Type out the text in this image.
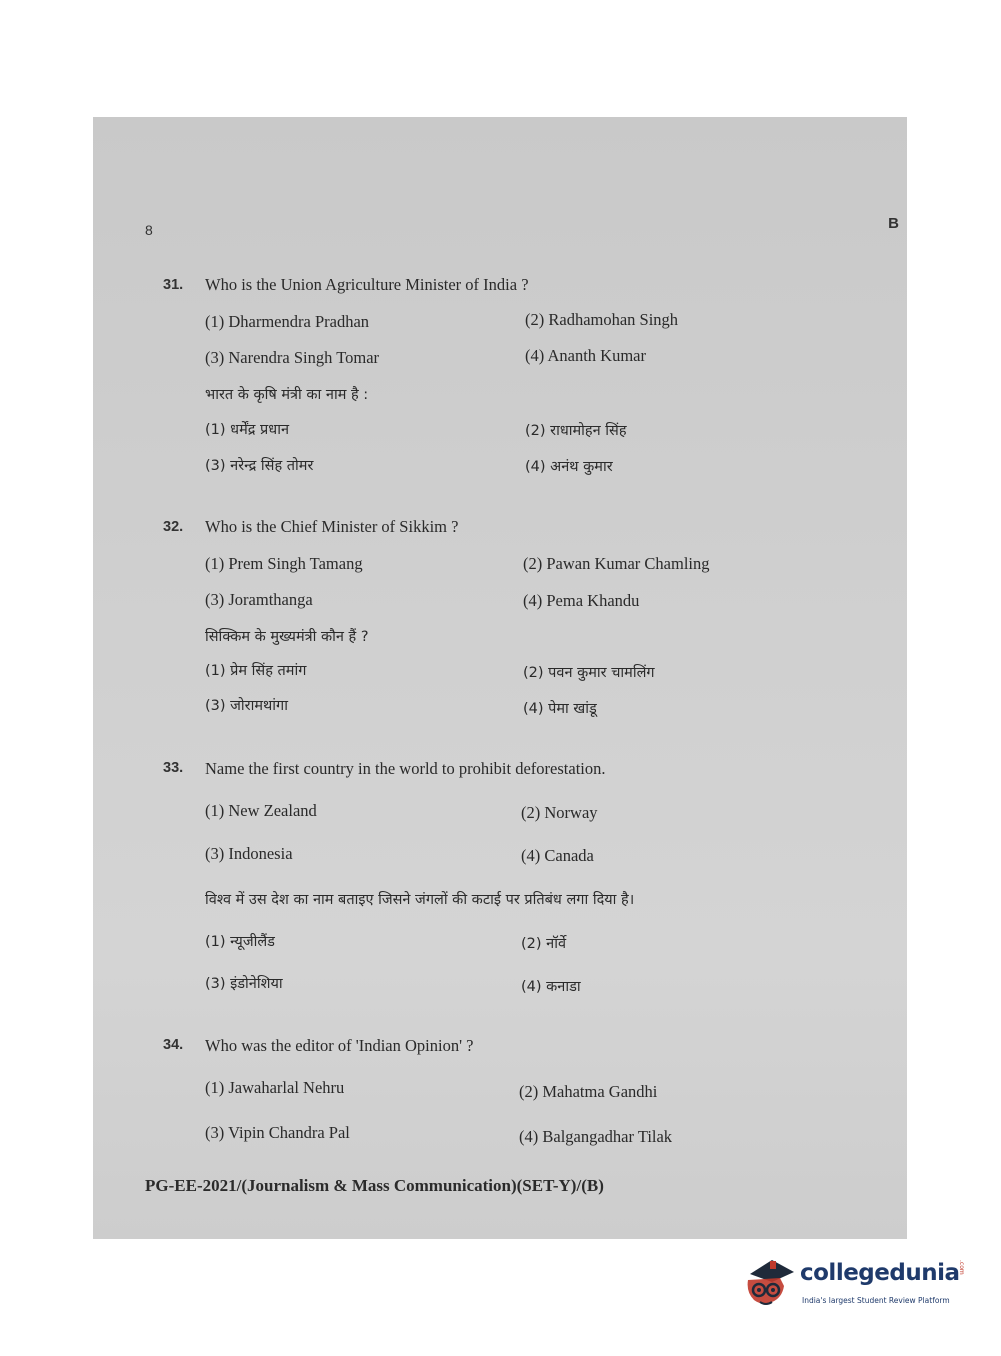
8	B
31. Who is the Union Agriculture Minister of India ?
(1) Dharmendra Pradhan	(2) Radhamohan Singh
(3) Narendra Singh Tomar	(4) Ananth Kumar
भारत के कृषि मंत्री का नाम है :
(1) धर्मेंद्र प्रधान	(2) राधामोहन सिंह
(3) नरेन्द्र सिंह तोमर	(4) अनंथ कुमार
32. Who is the Chief Minister of Sikkim ?
(1) Prem Singh Tamang	(2) Pawan Kumar Chamling
(3) Joramthanga	(4) Pema Khandu
सिक्किम के मुख्यमंत्री कौन हैं ?
(1) प्रेम सिंह तमांग	(2) पवन कुमार चामलिंग
(3) जोरामथांगा	(4) पेमा खांडू
33. Name the first country in the world to prohibit deforestation.
(1) New Zealand	(2) Norway
(3) Indonesia	(4) Canada
विश्व में उस देश का नाम बताइए जिसने जंगलों की कटाई पर प्रतिबंध लगा दिया है।
(1) न्यूजीलैंड	(2) नॉर्वे
(3) इंडोनेशिया	(4) कनाडा
34. Who was the editor of 'Indian Opinion' ?
(1) Jawaharlal Nehru	(2) Mahatma Gandhi
(3) Vipin Chandra Pal	(4) Balgangadhar Tilak
PG-EE-2021/(Journalism & Mass Communication)(SET-Y)/(B)
collegedunia
.com
India's largest Student Review Platform
